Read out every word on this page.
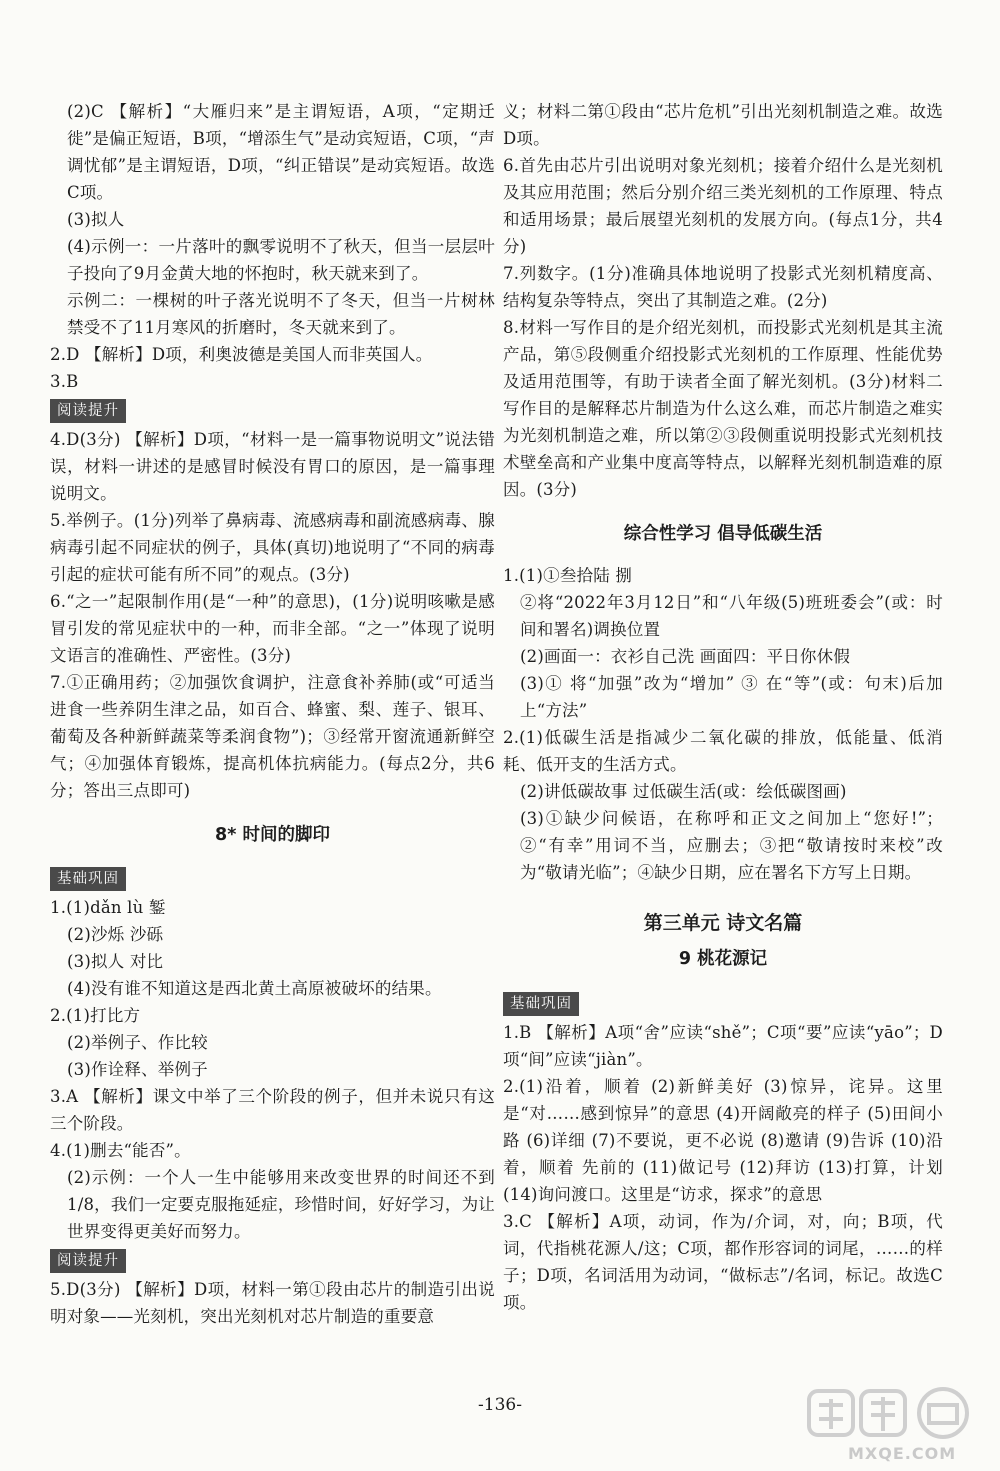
(2)C 【解析】“大雁归来”是主谓短语，A项，“定期迁徙”是偏正短语，B项，“增添生气”是动宾短语，C项，“声调忧郁”是主谓短语，D项，“纠正错误”是动宾短语。故选C项。

(3)拟人

(4)示例一：一片落叶的飘零说明不了秋天，但当一层层叶子投向了9月金黄大地的怀抱时，秋天就来到了。

示例二：一棵树的叶子落光说明不了冬天，但当一片树林禁受不了11月寒风的折磨时，冬天就来到了。

2.D 【解析】D项，利奥波德是美国人而非英国人。

3.B

阅读提升

4.D(3分) 【解析】D项，“材料一是一篇事物说明文”说法错误，材料一讲述的是感冒时候没有胃口的原因，是一篇事理说明文。

5.举例子。(1分)列举了鼻病毒、流感病毒和副流感病毒、腺病毒引起不同症状的例子，具体(真切)地说明了“不同的病毒引起的症状可能有所不同”的观点。(3分)

6.“之一”起限制作用(是“一种”的意思)，(1分)说明咳嗽是感冒引发的常见症状中的一种，而非全部。“之一”体现了说明文语言的准确性、严密性。(3分)

7.①正确用药；②加强饮食调护，注意食补养肺(或“可适当进食一些养阴生津之品，如百合、蜂蜜、梨、莲子、银耳、葡萄及各种新鲜蔬菜等柔润食物”)；③经常开窗流通新鲜空气；④加强体育锻炼，提高机体抗病能力。(每点2分，共6分；答出三点即可)

8* 时间的脚印
基础巩固

1.(1)dǎn lù 錾

(2)沙烁 沙砾

(3)拟人 对比

(4)没有谁不知道这是西北黄土高原被破坏的结果。

2.(1)打比方

(2)举例子、作比较

(3)作诠释、举例子

3.A 【解析】课文中举了三个阶段的例子，但并未说只有这三个阶段。

4.(1)删去“能否”。

(2)示例：一个人一生中能够用来改变世界的时间还不到1/8，我们一定要克服拖延症，珍惜时间，好好学习，为让世界变得更美好而努力。

阅读提升

5.D(3分) 【解析】D项，材料一第①段由芯片的制造引出说明对象——光刻机，突出光刻机对芯片制造的重要意

义；材料二第①段由“芯片危机”引出光刻机制造之难。故选D项。

6.首先由芯片引出说明对象光刻机；接着介绍什么是光刻机及其应用范围；然后分别介绍三类光刻机的工作原理、特点和适用场景；最后展望光刻机的发展方向。(每点1分，共4分)

7.列数字。(1分)准确具体地说明了投影式光刻机精度高、结构复杂等特点，突出了其制造之难。(2分)

8.材料一写作目的是介绍光刻机，而投影式光刻机是其主流产品，第⑤段侧重介绍投影式光刻机的工作原理、性能优势及适用范围等，有助于读者全面了解光刻机。(3分)材料二写作目的是解释芯片制造为什么这么难，而芯片制造之难实为光刻机制造之难，所以第②③段侧重说明投影式光刻机技术壁垒高和产业集中度高等特点，以解释光刻机制造难的原因。(3分)

综合性学习 倡导低碳生活

1.(1)①叁拾陆 捌

②将“2022年3月12日”和“八年级(5)班班委会”(或：时间和署名)调换位置

(2)画面一：衣衫自己洗 画面四：平日你休假

(3)① 将“加强”改为“增加” ③ 在“等”(或：句末)后加上“方法”

2.(1)低碳生活是指减少二氧化碳的排放，低能量、低消耗、低开支的生活方式。

(2)讲低碳故事 过低碳生活(或：绘低碳图画)

(3)①缺少问候语，在称呼和正文之间加上“您好!”；②“有幸”用词不当，应删去；③把“敬请按时来校”改为“敬请光临”；④缺少日期，应在署名下方写上日期。

第三单元 诗文名篇
9 桃花源记
基础巩固

1.B 【解析】A项“舍”应读“shě”；C项“要”应读“yāo”；D项“间”应读“jiàn”。

2.(1)沿着，顺着 (2)新鲜美好 (3)惊异，诧异。这里是“对……感到惊异”的意思 (4)开阔敞亮的样子 (5)田间小路 (6)详细 (7)不要说，更不必说 (8)邀请 (9)告诉 (10)沿着，顺着 先前的 (11)做记号 (12)拜访 (13)打算，计划 (14)询问渡口。这里是“访求，探求”的意思

3.C 【解析】A项，动词，作为/介词，对，向；B项，代词，代指桃花源人/这；C项，都作形容词的词尾，……的样子；D项，名词活用为动词，“做标志”/名词，标记。故选C项。

-136-
MXQE.COM
